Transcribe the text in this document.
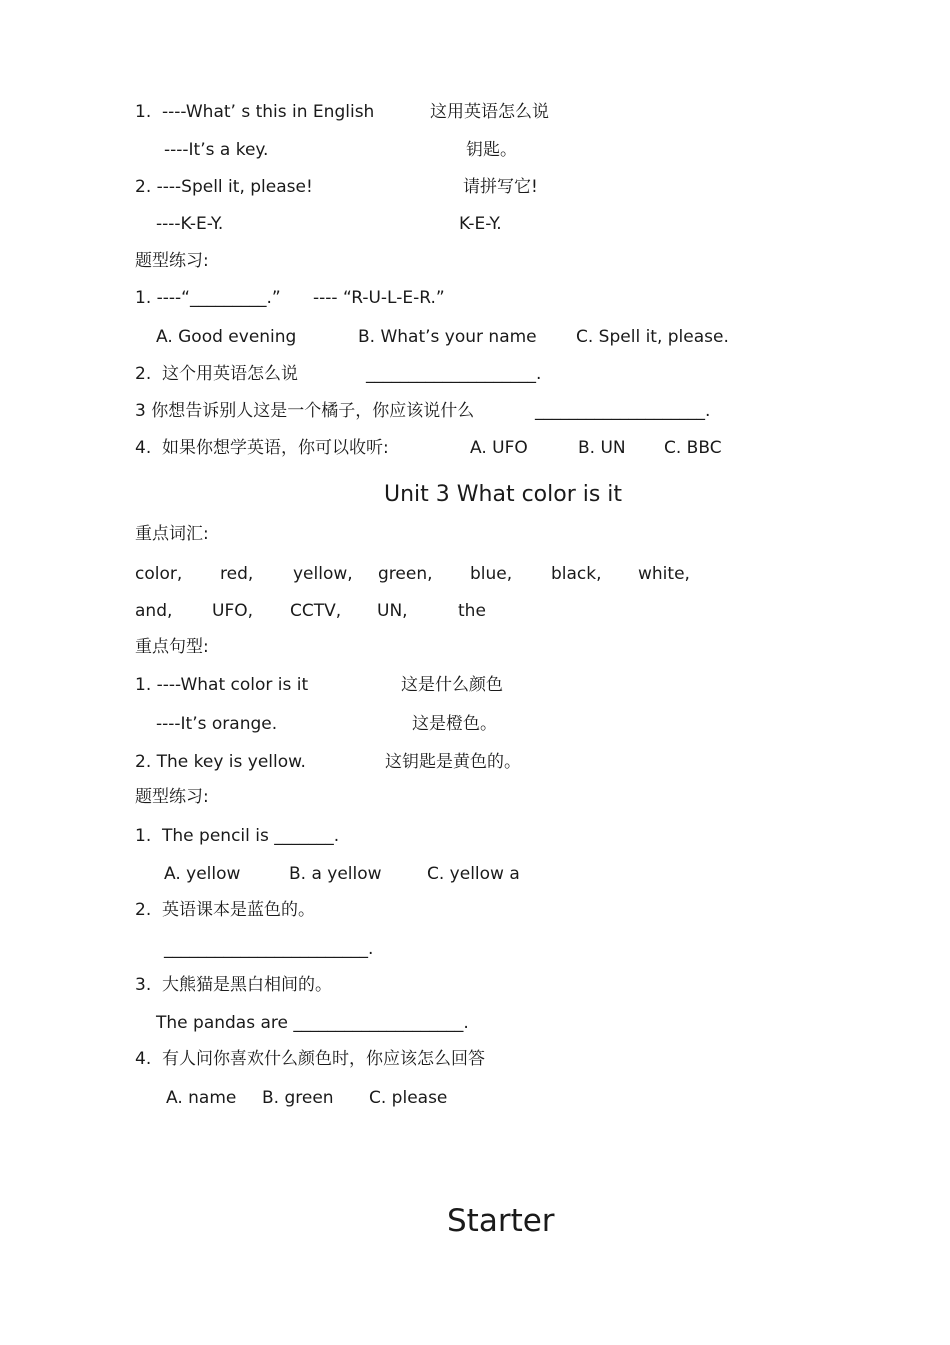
1.  ----What’ s this in English	这用英语怎么说
----It’s a key.	钥匙。
2. ----Spell it, please!	请拼写它!
----K-E-Y.	K-E-Y.
题型练习:
1. ----“_________.” ---- “R-U-L-E-R.”
A. Good evening	B. What’s your name C. Spell it, please.
2.  这个用英语怎么说	____________________.
3 你想告诉别人这是一个橘子，你应该说什么	____________________.
4.  如果你想学英语，你可以收听:	A. UFO	B. UN C. BBC
Unit 3 What color is it
重点词汇:
color, red, yellow, green, blue, black, white,
and, UFO, CCTV, UN,	the
重点句型:
1. ----What color is it	这是什么颜色
----It’s orange.	这是橙色。
2. The key is yellow.	这钥匙是黄色的。
题型练习:
1.  The pencil is _______.
A. yellow	B. a yellow	C. yellow a
2.  英语课本是蓝色的。
________________________.
3.  大熊猫是黑白相间的。
The pandas are ____________________.
4.  有人问你喜欢什么颜色时，你应该怎么回答
A. name B. green C. please
Starter
